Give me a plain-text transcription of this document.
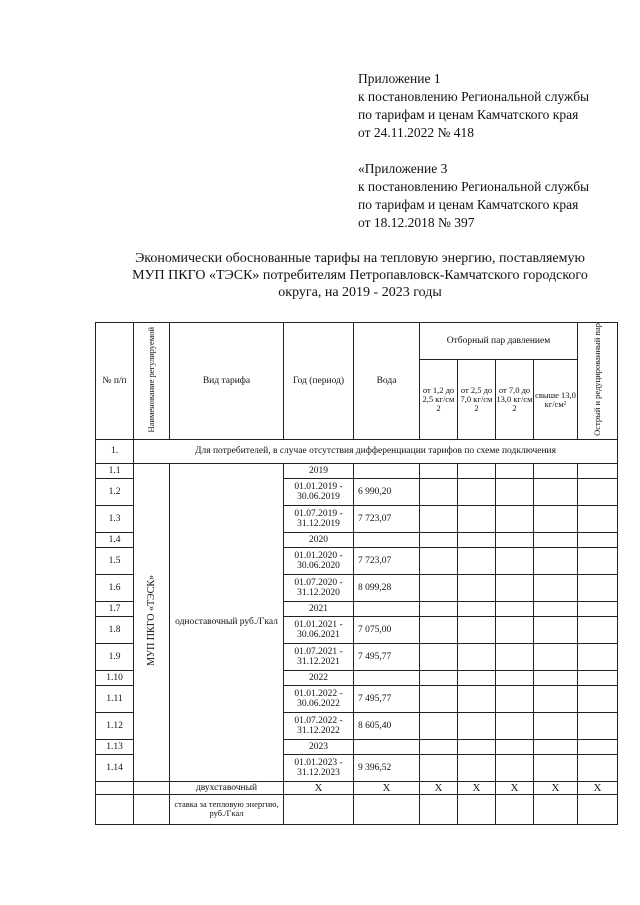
Приложение 1
к постановлению Региональной службы
по тарифам и ценам Камчатского края
от 24.11.2022 № 418
«Приложение 3
к постановлению Региональной службы
по тарифам и ценам Камчатского края
от 18.12.2018 № 397
Экономически обоснованные тарифы на тепловую энергию, поставляемую
МУП ПКГО «ТЭСК» потребителям Петропавловск-Камчатского городского
округа, на 2019 - 2023 годы
№ п/п	Наименование регулируемой	Вид тарифа	Год (период)	Вода	Отборный пар давлением				Острый и редуцированный пар
					от 1,2 до 2,5 кг/см 2	от 2,5 до 7,0 кг/см 2	от 7,0 до 13,0 кг/см 2	свыше 13,0 кг/см²	
1.	Для потребителей, в случае отсутствия дифференциации тарифов по схеме подключения								
1.1	МУП ПКГО «ТЭСК»	одноставочный руб./Гкал	2019						
1.2			01.01.2019 - 30.06.2019	6 990,20					
1.3			01.07.2019 - 31.12.2019	7 723,07					
1.4			2020						
1.5			01.01.2020 - 30.06.2020	7 723,07					
1.6			01.07.2020 - 31.12.2020	8 099,28					
1.7			2021						
1.8			01.01.2021 - 30.06.2021	7 075,00					
1.9			01.07.2021 - 31.12.2021	7 495,77					
1.10			2022						
1.11			01.01.2022 - 30.06.2022	7 495,77					
1.12			01.07.2022 - 31.12.2022	8 605,40					
1.13			2023						
1.14			01.01.2023 - 31.12.2023	9 396,52					
		двухставочный	Х	Х	Х	Х	Х	Х	Х
		ставка за тепловую энергию, руб./Гкал							
